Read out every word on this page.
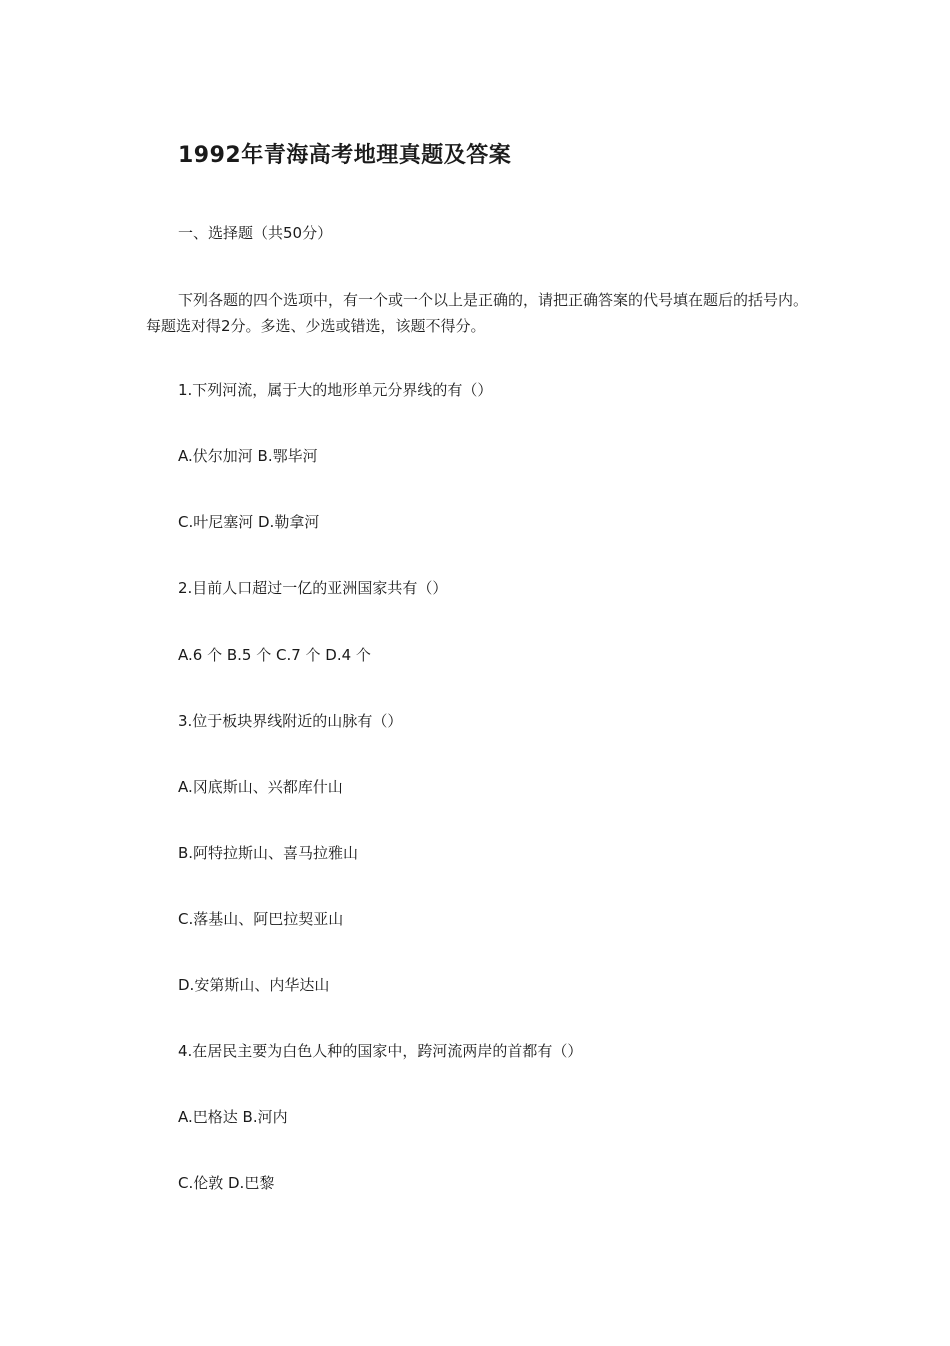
1992年青海高考地理真题及答案
一、选择题（共50分）
下列各题的四个选项中，有一个或一个以上是正确的，请把正确答案的代号填在题后的括号内。每题选对得2分。多选、少选或错选，该题不得分。
1.下列河流，属于大的地形单元分界线的有（）
A.伏尔加河 B.鄂毕河
C.叶尼塞河 D.勒拿河
2.目前人口超过一亿的亚洲国家共有（）
A.6 个 B.5 个 C.7 个 D.4 个
3.位于板块界线附近的山脉有（）
A.冈底斯山、兴都库什山
B.阿特拉斯山、喜马拉雅山
C.落基山、阿巴拉契亚山
D.安第斯山、内华达山
4.在居民主要为白色人种的国家中，跨河流两岸的首都有（）
A.巴格达 B.河内
C.伦敦 D.巴黎
